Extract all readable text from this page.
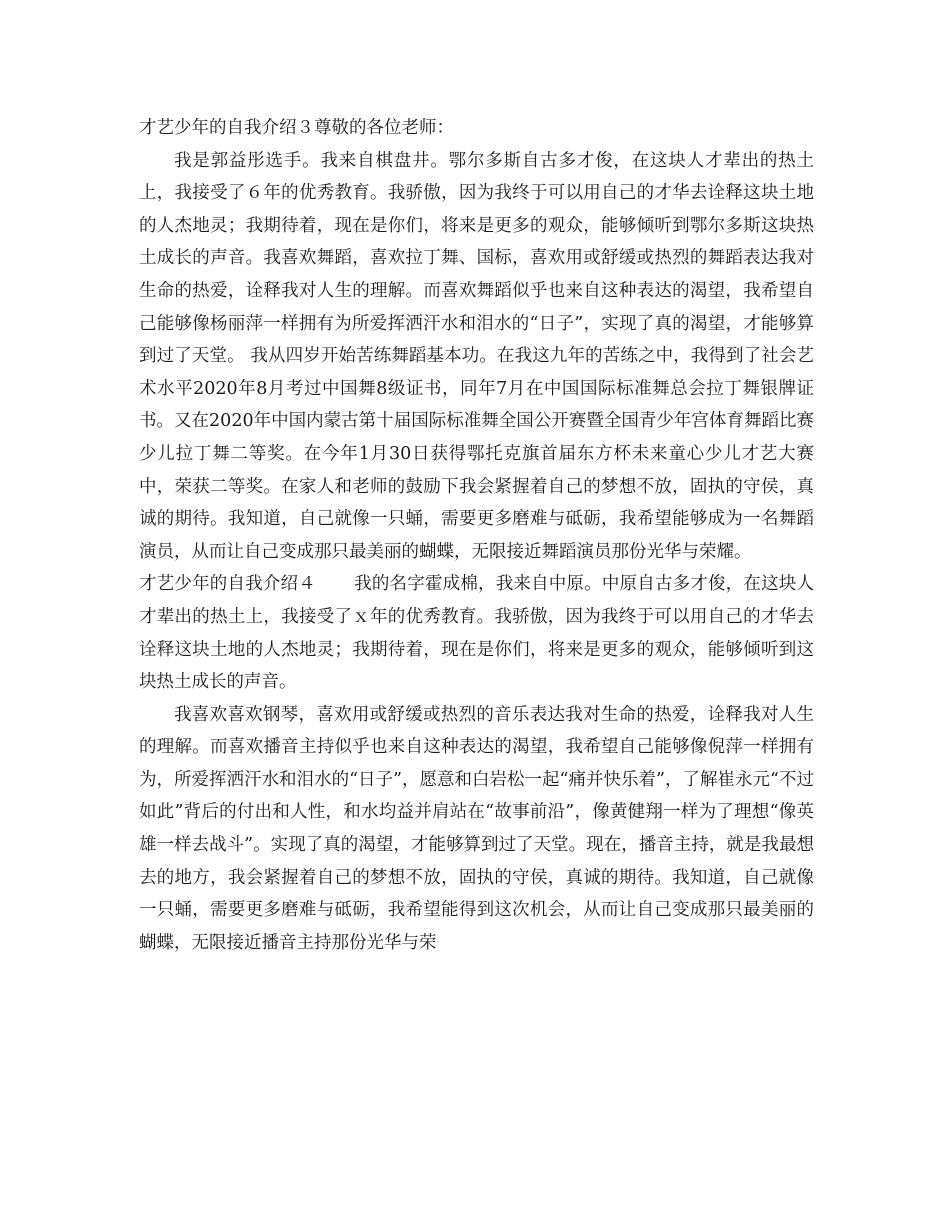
才艺少年的自我介绍３尊敬的各位老师：

我是郭益彤选手。我来自棋盘井。鄂尔多斯自古多才俊，在这块人才辈出的热土上，我接受了６年的优秀教育。我骄傲，因为我终于可以用自己的才华去诠释这块土地的人杰地灵；我期待着，现在是你们，将来是更多的观众，能够倾听到鄂尔多斯这块热土成长的声音。我喜欢舞蹈，喜欢拉丁舞、国标，喜欢用或舒缓或热烈的舞蹈表达我对生命的热爱，诠释我对人生的理解。而喜欢舞蹈似乎也来自这种表达的渴望，我希望自己能够像杨丽萍一样拥有为所爱挥洒汗水和泪水的“日子”，实现了真的渴望，才能够算到过了天堂。 我从四岁开始苦练舞蹈基本功。在我这九年的苦练之中，我得到了社会艺术水平2020年8月考过中国舞8级证书，同年7月在中国国际标准舞总会拉丁舞银牌证书。又在2020年中国内蒙古第十届国际标准舞全国公开赛暨全国青少年宫体育舞蹈比赛少儿拉丁舞二等奖。在今年1月30日获得鄂托克旗首届东方杯未来童心少儿才艺大赛中，荣获二等奖。在家人和老师的鼓励下我会紧握着自己的梦想不放，固执的守侯，真诚的期待。我知道，自己就像一只蛹，需要更多磨难与砥砺，我希望能够成为一名舞蹈演员，从而让自己变成那只最美丽的蝴蝶，无限接近舞蹈演员那份光华与荣耀。

才艺少年的自我介绍４ 我的名字霍成棉，我来自中原。中原自古多才俊，在这块人才辈出的热土上，我接受了ｘ年的优秀教育。我骄傲，因为我终于可以用自己的才华去诠释这块土地的人杰地灵；我期待着，现在是你们，将来是更多的观众，能够倾听到这块热土成长的声音。

我喜欢喜欢钢琴，喜欢用或舒缓或热烈的音乐表达我对生命的热爱，诠释我对人生的理解。而喜欢播音主持似乎也来自这种表达的渴望，我希望自己能够像倪萍一样拥有为，所爱挥洒汗水和泪水的“日子”，愿意和白岩松一起“痛并快乐着”，了解崔永元“不过如此”背后的付出和人性，和水均益并肩站在“故事前沿”，像黄健翔一样为了理想“像英雄一样去战斗”。实现了真的渴望，才能够算到过了天堂。现在，播音主持，就是我最想去的地方，我会紧握着自己的梦想不放，固执的守侯，真诚的期待。我知道，自己就像一只蛹，需要更多磨难与砥砺，我希望能得到这次机会，从而让自己变成那只最美丽的蝴蝶，无限接近播音主持那份光华与荣
